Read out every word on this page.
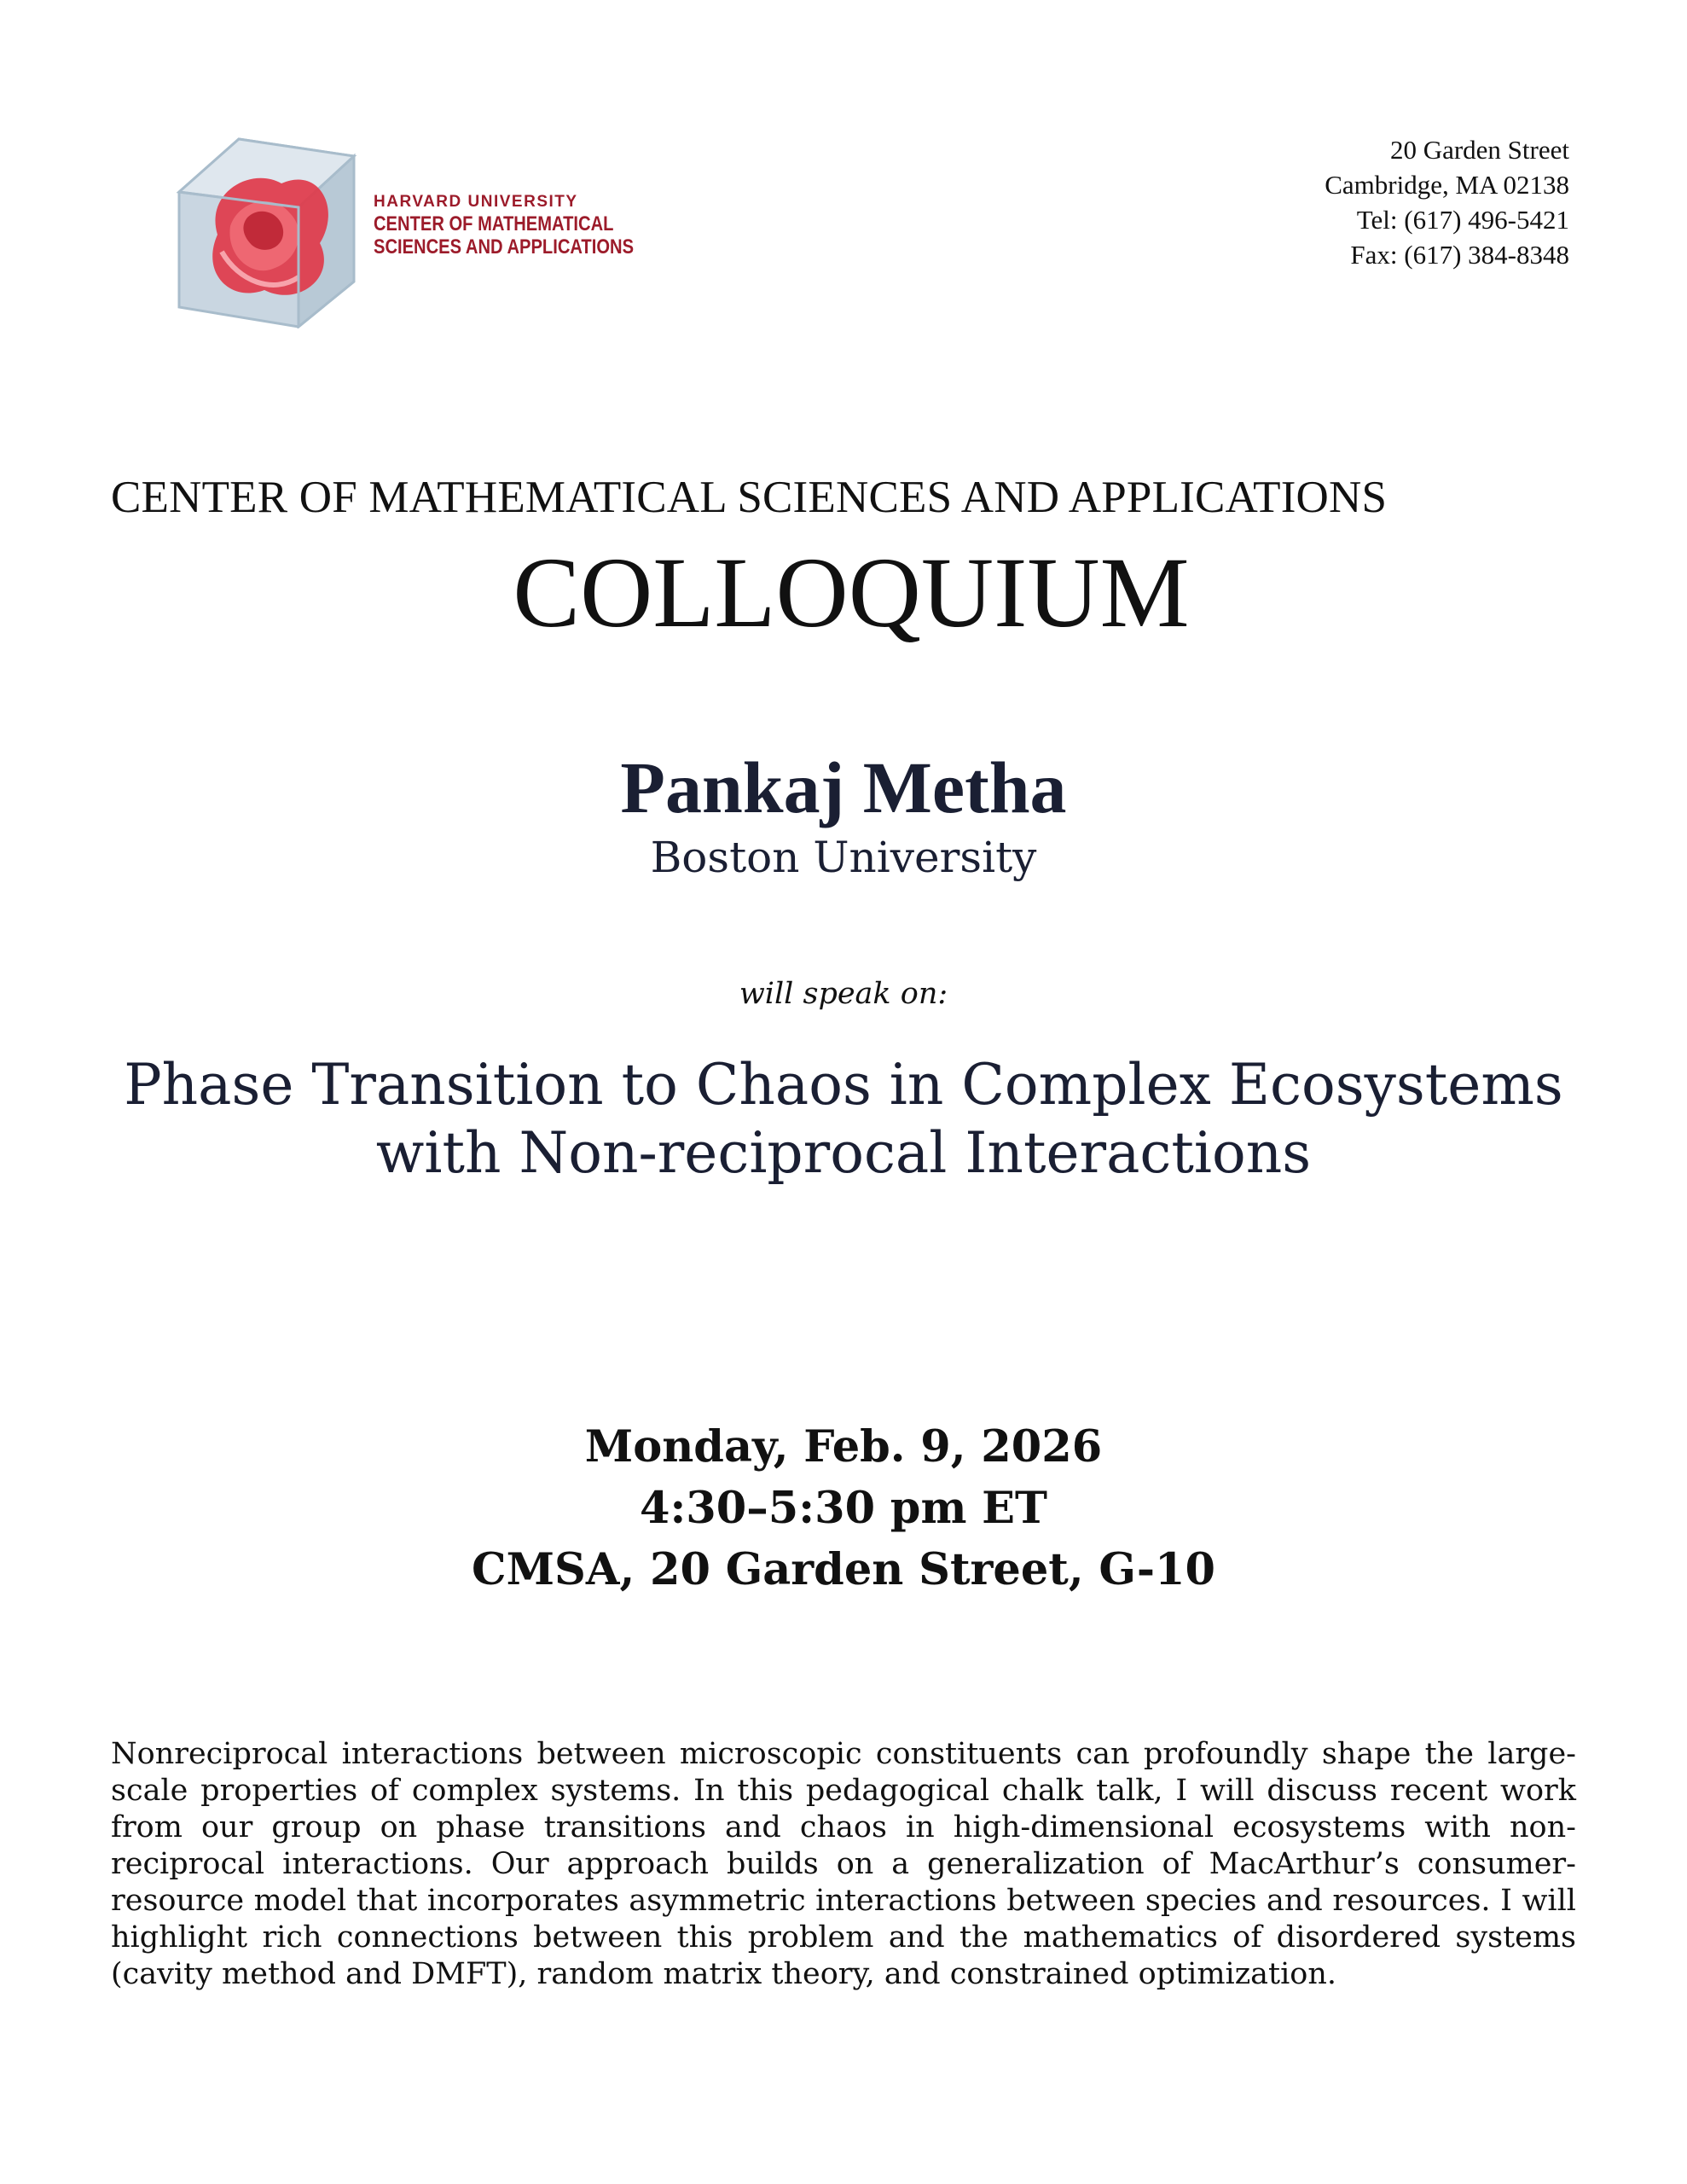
HARVARD UNIVERSITY
CENTER OF MATHEMATICAL
SCIENCES AND APPLICATIONS
20 Garden Street
Cambridge, MA 02138
Tel: (617) 496-5421
Fax: (617) 384-8348
CENTER OF MATHEMATICAL SCIENCES AND APPLICATIONS
COLLOQUIUM
Pankaj Metha
Boston University
will speak on:
Phase Transition to Chaos in Complex Ecosystems
with Non-reciprocal Interactions
Monday, Feb. 9, 2026
4:30–5:30 pm ET
CMSA, 20 Garden Street, G-10
Nonreciprocal interactions between microscopic constituents can profoundly shape the large-scale properties of complex systems. In this pedagogical chalk talk, I will discuss recent work from our group on phase transitions and chaos in high-dimensional ecosystems with non-reciprocal interactions. Our approach builds on a generalization of MacArthur’s consumer-resource model that incorporates asymmetric interactions between species and resources. I will highlight rich connections between this problem and the mathematics of disordered systems (cavity method and DMFT), random matrix theory, and constrained optimization.
